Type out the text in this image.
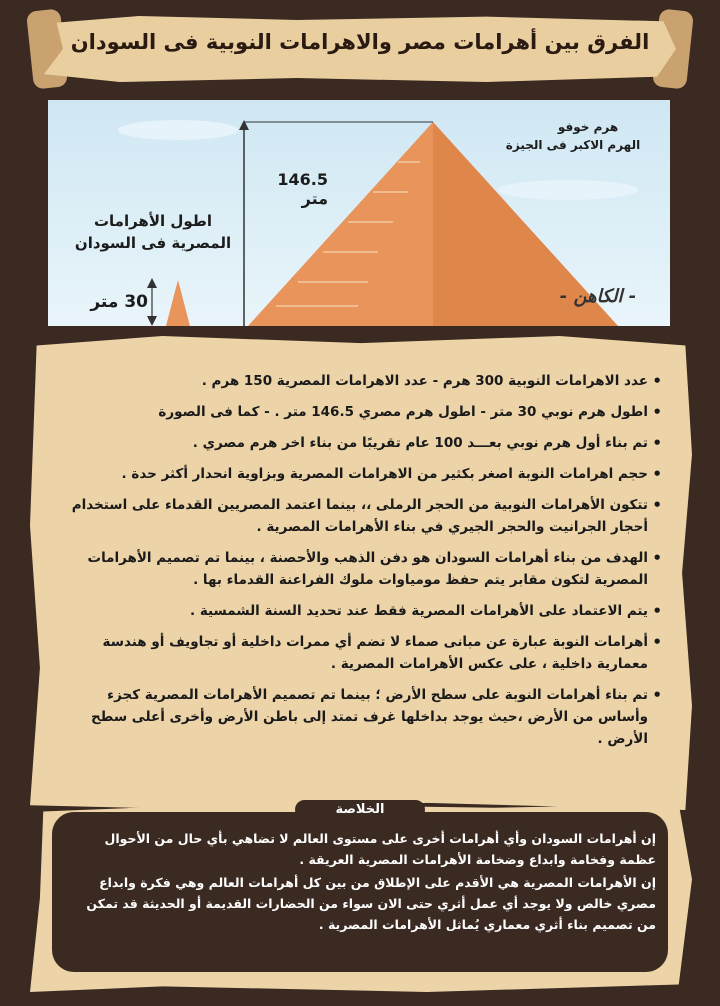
الفرق بين أهرامات مصر والاهرامات النوبية فى السودان
هرم خوفو
الهرم الاكبر فى الجيزة
146.5 متر
اطول الأهرامات
المصرية فى السودان
30 متر	- الكاهن -
• عدد الاهرامات النوبية 300 هرم - عدد الاهرامات المصرية 150 هرم .
• اطول هرم نوبي 30 متر - اطول هرم مصري 146.5 متر . - كما فى الصورة
• تم بناء أول هرم نوبي بعـــد 100 عام تقريبًا من بناء اخر هرم مصري .
• حجم اهرامات النوبة اصغر بكثير من الاهرامات المصرية وبزاوية انحدار أكثر حدة .
• تتكون الأهرامات النوبية من الحجر الرملى ،، بينما اعتمد المصريين القدماء على استخدام أحجار الجرانيت والحجر الجيري في بناء الأهرامات المصرية .
• الهدف من بناء أهرامات السودان هو دفن الذهب والأحصنة ، بينما تم تصميم الأهرامات المصرية لتكون مقابر يتم حفظ مومياوات ملوك الفراعنة القدماء بها .
• يتم الاعتماد على الأهرامات المصرية فقط عند تحديد السنة الشمسية .
• أهرامات النوبة عبارة عن مبانى صماء لا تضم أي ممرات داخلية أو تجاويف أو هندسة معمارية داخلية ، على عكس الأهرامات المصرية .
• تم بناء أهرامات النوبة على سطح الأرض ؛ بينما تم تصميم الأهرامات المصرية كجزء وأساس من الأرض ،حيث يوجد بداخلها غرف تمتد إلى باطن الأرض وأخرى أعلى سطح الأرض .
الخلاصة

إن أهرامات السودان وأي أهرامات أخرى على مستوى العالم لا تضاهي بأي حال من الأحوال عظمة وفخامة وابداع وضخامة الأهرامات المصرية العريقة .

إن الأهرامات المصرية هي الأقدم على الإطلاق من بين كل أهرامات العالم وهي فكرة وابداع مصري خالص ولا يوجد أي عمل أثري حتى الان سواء من الحضارات القديمة أو الحديثة قد تمكن من تصميم بناء أثري معماري يُماثل الأهرامات المصرية .
